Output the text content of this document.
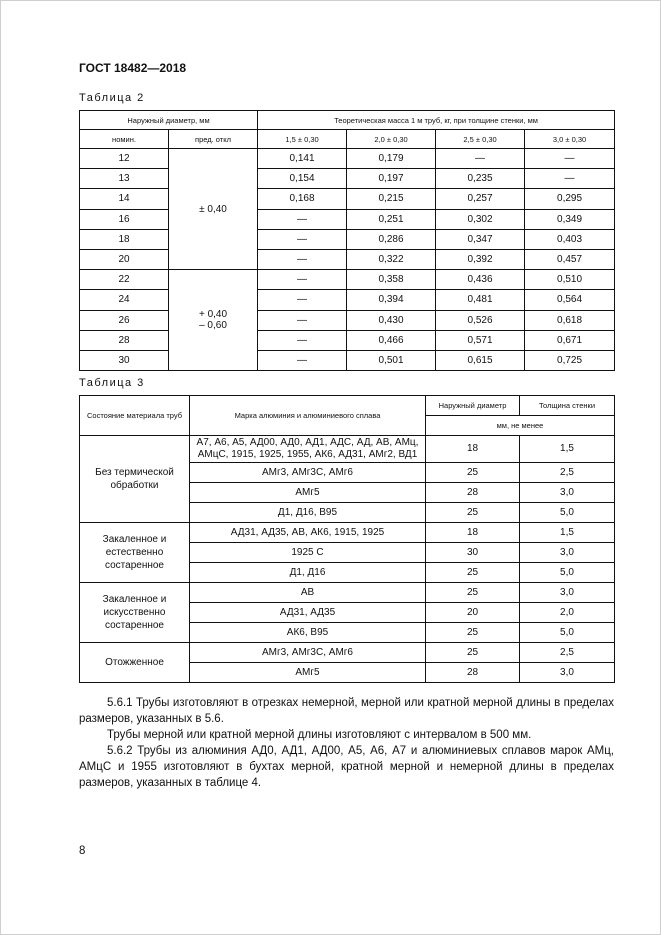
ГОСТ 18482—2018
Таблица 2
Наружный диаметр, мм		Теоретическая масса 1 м труб, кг, при толщине стенки, мм			
номин.	пред. откл	1,5 ± 0,30	2,0 ± 0,30	2,5 ± 0,30	3,0 ± 0,30
12	± 0,40	0,141	0,179	—	—
13		0,154	0,197	0,235	—
14		0,168	0,215	0,257	0,295
16		—	0,251	0,302	0,349
18		—	0,286	0,347	0,403
20		—	0,322	0,392	0,457
22	+ 0,40
– 0,60	—	0,358	0,436	0,510
24		—	0,394	0,481	0,564
26		—	0,430	0,526	0,618
28		—	0,466	0,571	0,671
30		—	0,501	0,615	0,725
Таблица 3
Состояние материала труб	Марка алюминия и алюминиевого сплава	Наружный диаметр	Толщина стенки
		мм, не менее	
Без термической обработки	А7, А6, А5, АД00, АД0, АД1, АДС, АД, АВ, АМц, АМцС, 1915, 1925, 1955, АК6, АД31, АМг2, ВД1	18	1,5
	АМг3, АМг3С, АМг6	25	2,5
	АМг5	28	3,0
	Д1, Д16, В95	25	5,0
Закаленное и естественно состаренное	АД31, АД35, АВ, АК6, 1915, 1925	18	1,5
	1925 С	30	3,0
	Д1, Д16	25	5,0
Закаленное и искусственно состаренное	АВ	25	3,0
	АД31, АД35	20	2,0
	АК6, В95	25	5,0
Отожженное	АМг3, АМг3С, АМг6	25	2,5
	АМг5	28	3,0
5.6.1 Трубы изготовляют в отрезках немерной, мерной или кратной мерной длины в пределах размеров, указанных в 5.6.
Трубы мерной или кратной мерной длины изготовляют с интервалом в 500 мм.
5.6.2 Трубы из алюминия АД0, АД1, АД00, А5, А6, А7 и алюминиевых сплавов марок АМц, АМцС и 1955 изготовляют в бухтах мерной, кратной мерной и немерной длины в пределах размеров, указанных в таблице 4.
8
